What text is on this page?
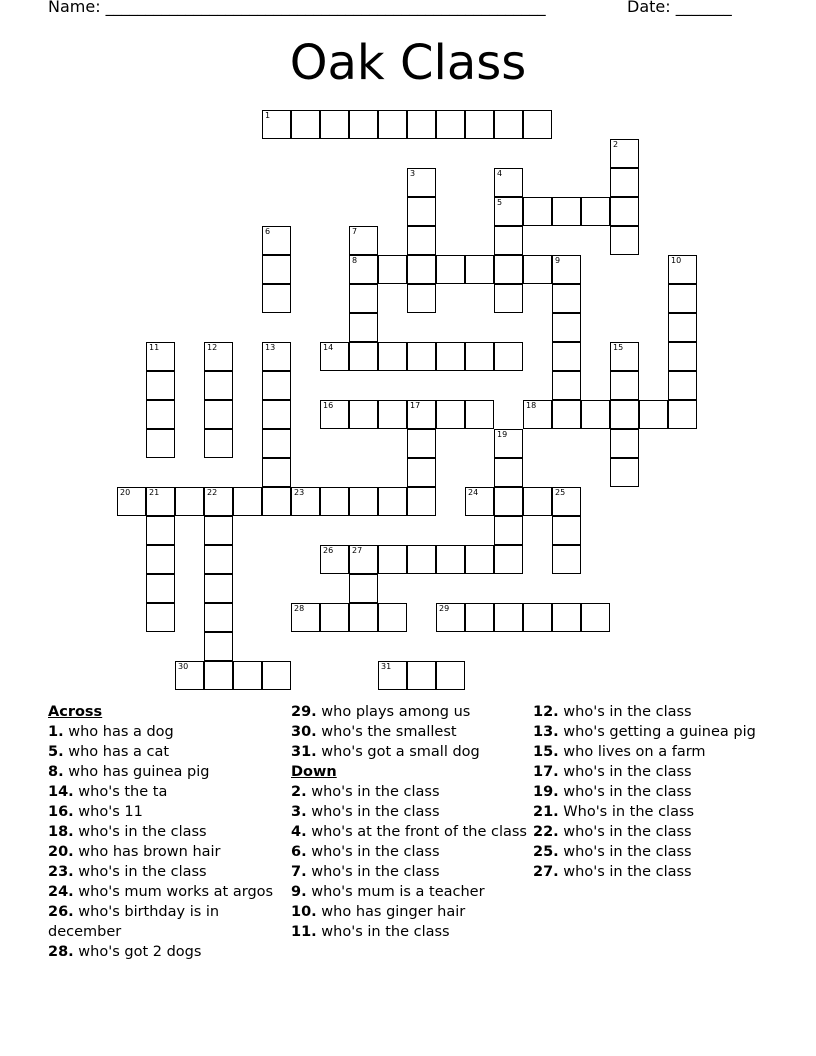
Name: _______________________________________________________	Date: _______
Oak Class
1
5
8	9
14
16	17	18
20 21	22	23	24	25
26 27
28	29
30	31
2
3	4
6	7
10
11	12	13	15
19
Across
1. who has a dog
5. who has a cat
8. who has guinea pig
14. who's the ta
16. who's 11
18. who's in the class
20. who has brown hair
23. who's in the class
24. who's mum works at argos
26. who's birthday is in december
28. who's got 2 dogs
29. who plays among us
30. who's the smallest
31. who's got a small dog
Down
2. who's in the class
3. who's in the class
4. who's at the front of the class
6. who's in the class
7. who's in the class
9. who's mum is a teacher
10. who has ginger hair
11. who's in the class
12. who's in the class
13. who's getting a guinea pig
15. who lives on a farm
17. who's in the class
19. who's in the class
21. Who's in the class
22. who's in the class
25. who's in the class
27. who's in the class
